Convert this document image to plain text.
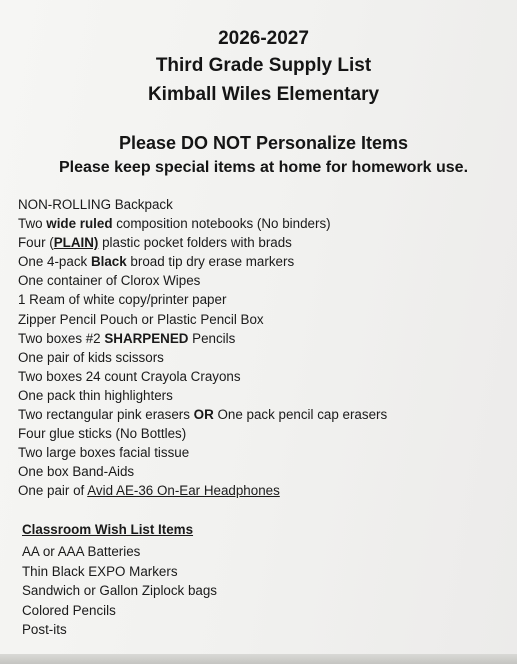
2026-2027
Third Grade Supply List
Kimball Wiles Elementary
Please DO NOT Personalize Items
Please keep special items at home for homework use.
NON-ROLLING Backpack
Two wide ruled composition notebooks (No binders)
Four (PLAIN) plastic pocket folders with brads
One 4-pack Black broad tip dry erase markers
One container of Clorox Wipes
1 Ream of white copy/printer paper
Zipper Pencil Pouch or Plastic Pencil Box
Two boxes #2 SHARPENED Pencils
One pair of kids scissors
Two boxes 24 count Crayola Crayons
One pack thin highlighters
Two rectangular pink erasers OR One pack pencil cap erasers
Four glue sticks (No Bottles)
Two large boxes facial tissue
One box Band-Aids
One pair of Avid AE-36 On-Ear Headphones
Classroom Wish List Items
AA or AAA Batteries
Thin Black EXPO Markers
Sandwich or Gallon Ziplock bags
Colored Pencils
Post-its
